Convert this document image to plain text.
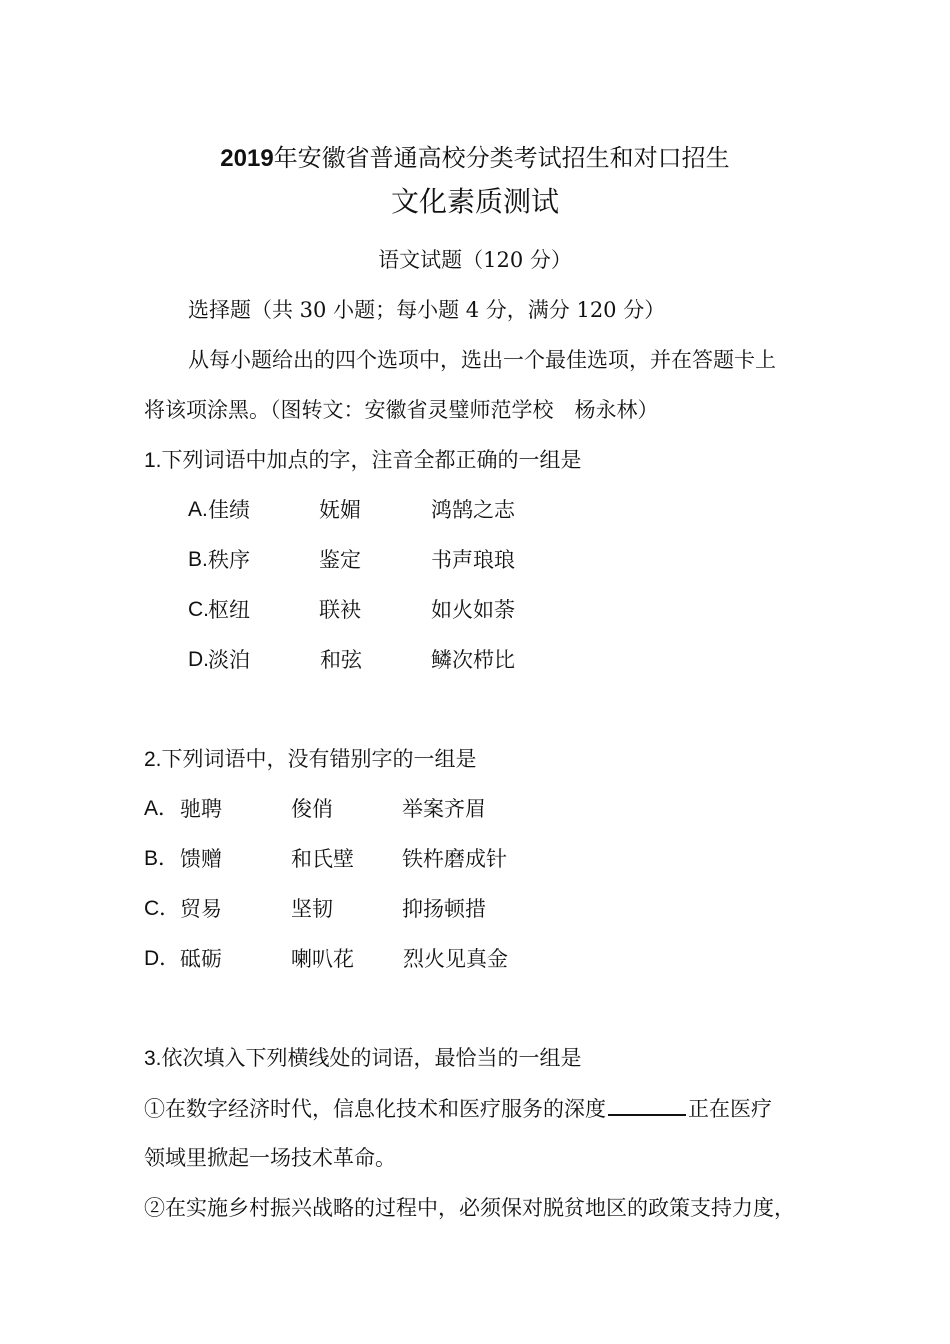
2019年安徽省普通高校分类考试招生和对口招生
文化素质测试
语文试题（120 分）
选择题（共 30 小题；每小题 4 分，满分 120 分）
从每小题给出的四个选项中，选出一个最佳选项，并在答题卡上
将该项涂黑。（图转文：安徽省灵璧师范学校　杨永林）
1.下列词语中加点的字，注音全都正确的一组是
A. 佳绩	妩媚	鸿鹄之志
B. 秩序	鉴定	书声琅琅
C. 枢纽	联袂	如火如荼
D. 淡泊	和弦	鳞次栉比
2.下列词语中，没有错别字的一组是
A． 驰聘	俊俏	举案齐眉
B． 馈赠	和氏壁 铁杵磨成针
C． 贸易	坚韧	抑扬顿措
D． 砥砺	喇叭花 烈火见真金
3.依次填入下列横线处的词语，最恰当的一组是
①在数字经济时代，信息化技术和医疗服务的深度	正在医疗
领域里掀起一场技术革命。
②在实施乡村振兴战略的过程中，必须保对脱贫地区的政策支持力度，
